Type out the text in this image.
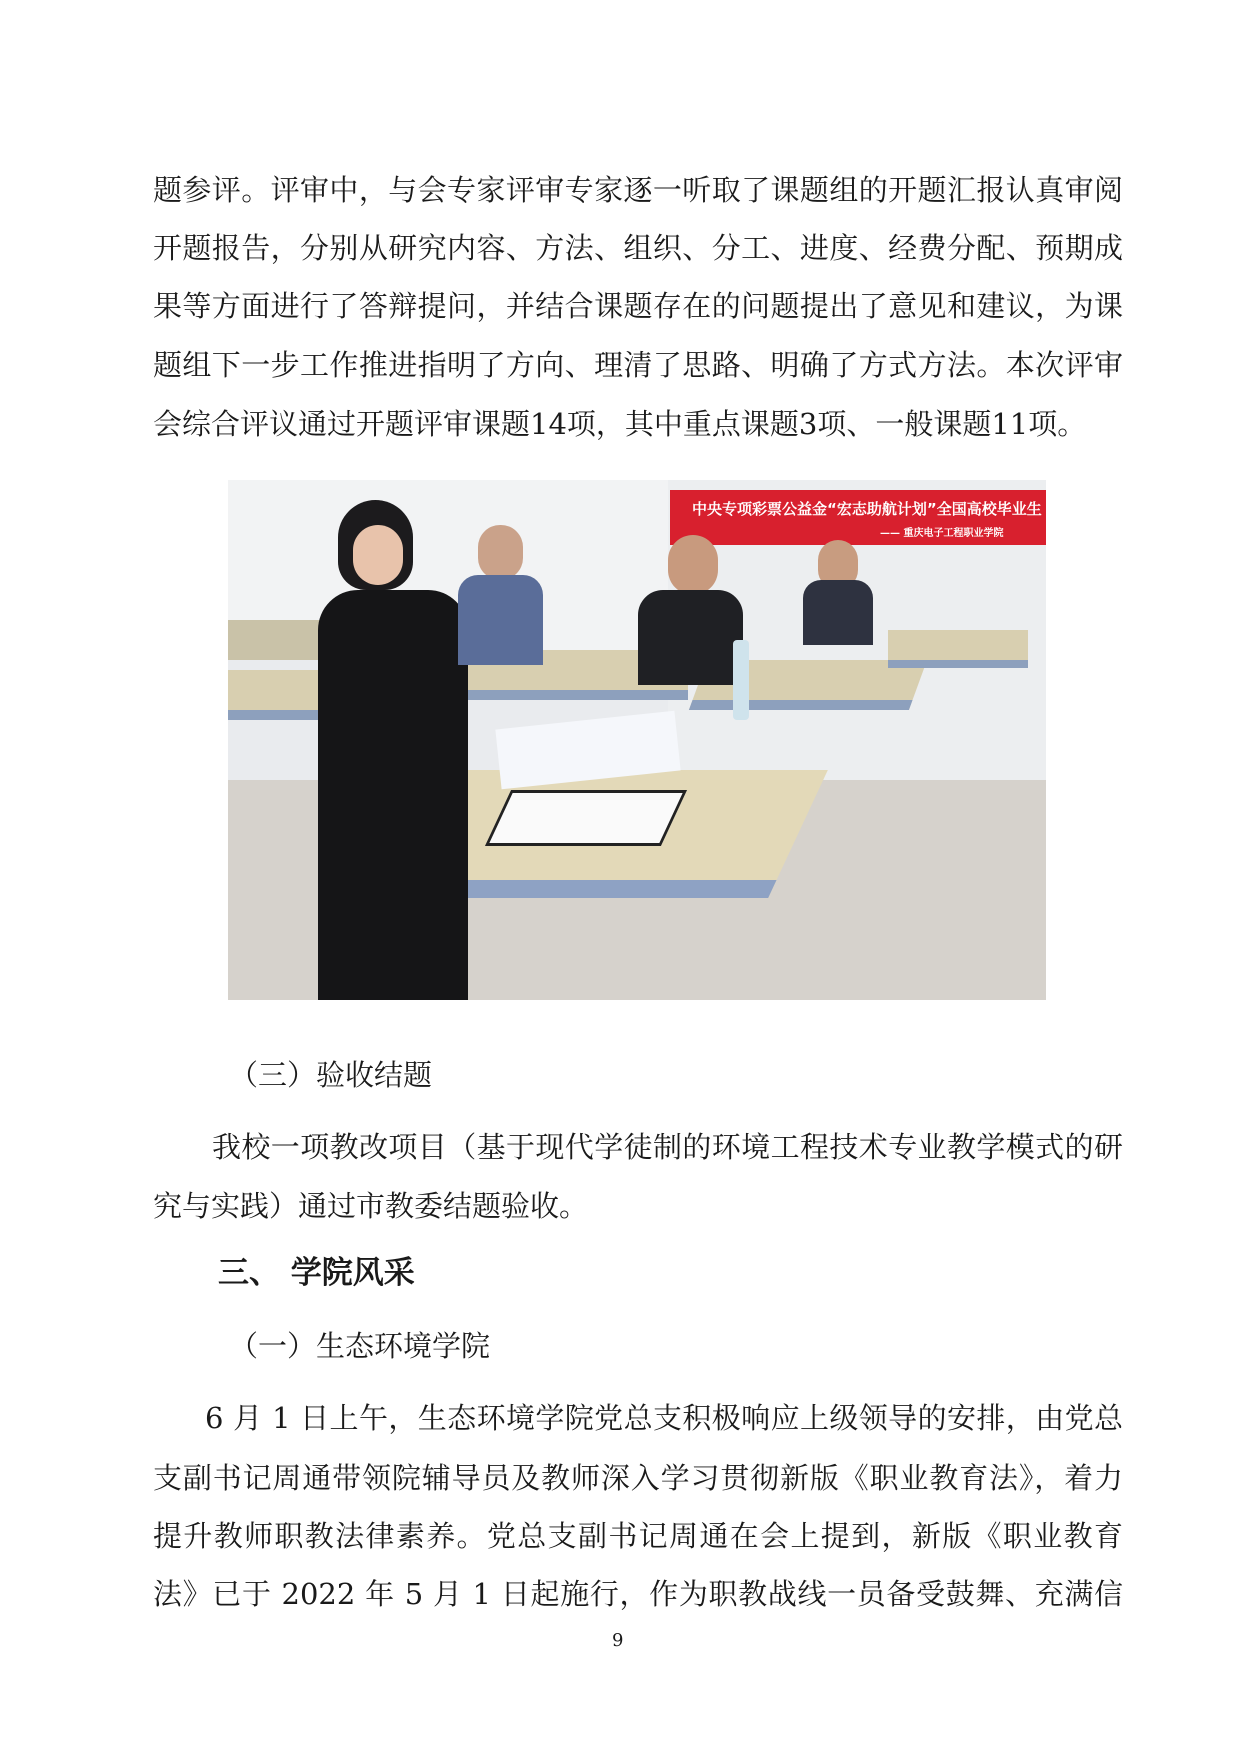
题参评。评审中，与会专家评审专家逐一听取了课题组的开题汇报认真审阅
开题报告，分别从研究内容、方法、组织、分工、进度、经费分配、预期成
果等方面进行了答辩提问，并结合课题存在的问题提出了意见和建议，为课
题组下一步工作推进指明了方向、理清了思路、明确了方式方法。本次评审
会综合评议通过开题评审课题14项，其中重点课题3项、一般课题11项。
中央专项彩票公益金“宏志助航计划”全国高校毕业生
—— 重庆电子工程职业学院
（三）验收结题
我校一项教改项目（基于现代学徒制的环境工程技术专业教学模式的研
究与实践）通过市教委结题验收。
三、 学院风采
（一）生态环境学院
6 月 1 日上午，生态环境学院党总支积极响应上级领导的安排，由党总
支副书记周通带领院辅导员及教师深入学习贯彻新版《职业教育法》，着力
提升教师职教法律素养。党总支副书记周通在会上提到，新版《职业教育
法》已于 2022 年 5 月 1 日起施行，作为职教战线一员备受鼓舞、充满信
9
